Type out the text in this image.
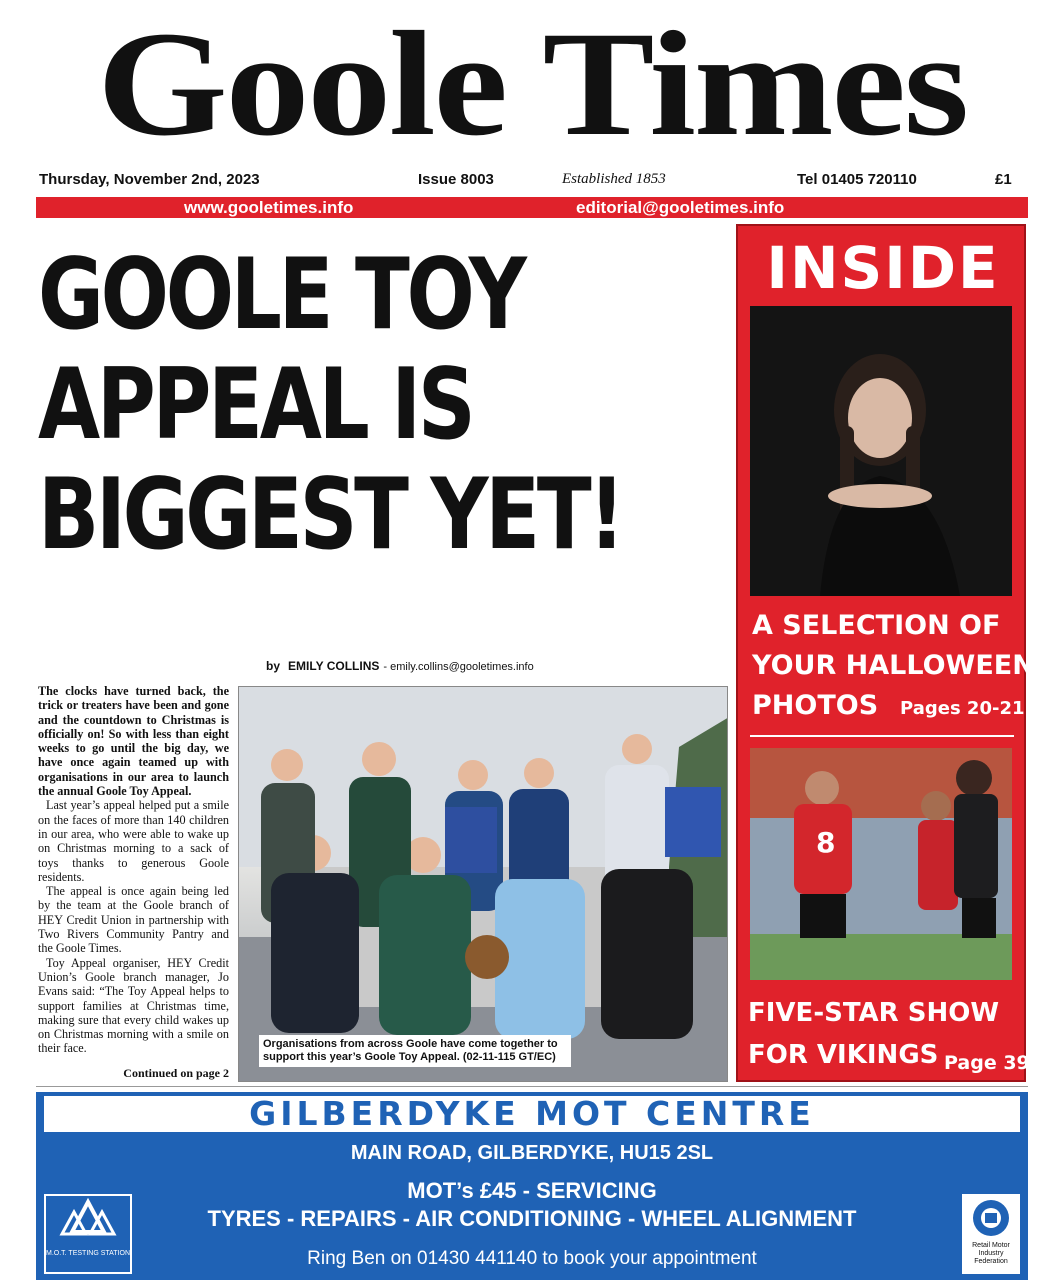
Goole Times
Thursday, November 2nd, 2023	Issue 8003	Established 1853	Tel 01405 720110	£1
www.gooletimes.info	editorial@gooletimes.info
GOOLE TOY
APPEAL IS
BIGGEST YET!
by EMILY COLLINS - emily.collins@gooletimes.info

The clocks have turned back, the trick or treaters have been and gone and the countdown to Christmas is officially on! So with less than eight weeks to go until the big day, we have once again teamed up with organisations in our area to launch the annual Goole Toy Appeal.

Last year’s appeal helped put a smile on the faces of more than 140 children in our area, who were able to wake up on Christmas morning to a sack of toys thanks to generous Goole residents.

The appeal is once again being led by the team at the Goole branch of HEY Credit Union in partnership with Two Rivers Community Pantry and the Goole Times.

Toy Appeal organiser, HEY Credit Union’s Goole branch manager, Jo Evans said: “The Toy Appeal helps to support families at Christmas time, making sure that every child wakes up on Christmas morning with a smile on their face.

Continued on page 2
Organisations from across Goole have come together to support this year’s Goole Toy Appeal. (02-11-115 GT/EC)
INSIDE
A SELECTION OF
YOUR HALLOWEEN
PHOTOS	Pages 20-21
8
FIVE-STAR SHOW
FOR VIKINGS Page 39
GILBERDYKE MOT CENTRE
MAIN ROAD, GILBERDYKE, HU15 2SL
MOT’s £45 - SERVICING
TYRES - REPAIRS - AIR CONDITIONING - WHEEL ALIGNMENT
Ring Ben on 01430 441140 to book your appointment
M.O.T. TESTING STATION
Retail Motor Industry Federation
